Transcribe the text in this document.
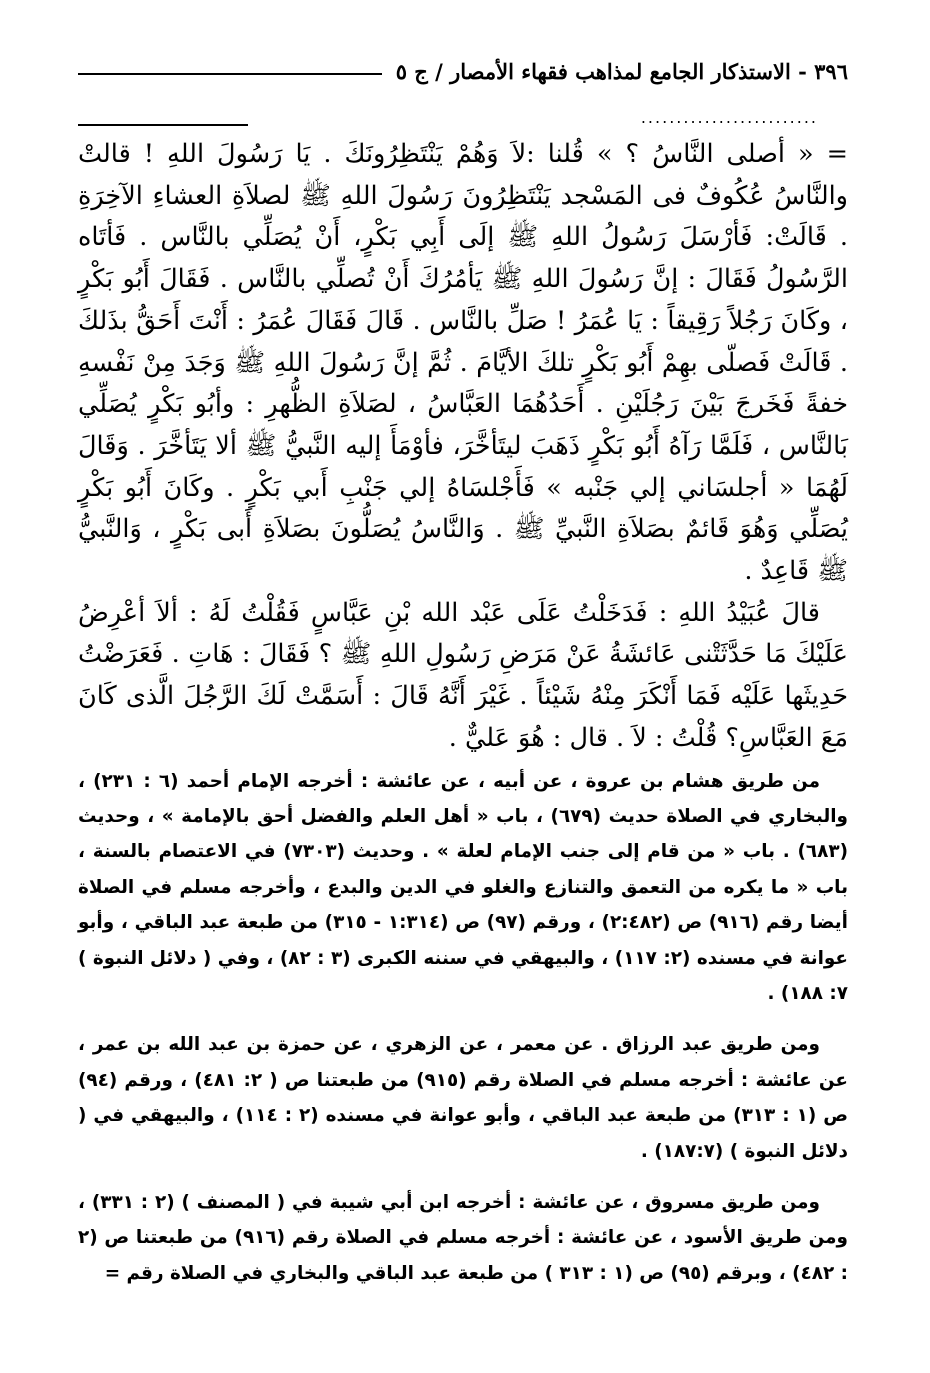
٣٩٦ - الاستذكار الجامع لمذاهب فقهاء الأمصار / ج ٥
.........................

= « أصلى النَّاسُ ؟ » قُلنا :لاَ وَهُمْ يَنْتَظِرُونَكَ . يَا رَسُولَ اللهِ ! قالتْ والنَّاسُ عُكُوفٌ فى المَسْجد يَنْتَظِرُونَ رَسُولَ اللهِ ﷺ لصلاَةِ العشاءِ الآخِرَةِ . قَالَتْ: فَأرْسَلَ رَسُولُ اللهِ ﷺ إلَى أَبِي بَكْرٍ، أَنْ يُصَلِّي بالنَّاس . فَأتَاه الرَّسُولُ فَقَالَ : إنَّ رَسُولَ اللهِ ﷺ يَأمُرُكَ أَنْ تُصلِّي بالنَّاس . فَقَالَ أَبُو بَكْرٍ ، وكَانَ رَجُلاً رَقِيقاً : يَا عُمَرُ ! صَلِّ بالنَّاس . قَالَ فَقَالَ عُمَرُ : أَنْتَ أَحَقُّ بذَلكَ . قَالَتْ فَصلّى بهِمْ أَبُو بَكْرٍ تلكَ الأيَّامَ . ثُمَّ إنَّ رَسُولَ اللهِ ﷺ وَجَدَ مِنْ نَفْسهِ خفةً فَخَرجَ بَيْنَ رَجُلَيْنِ . أَحَدُهُمَا العَبَّاسُ ، لصَلاَةِ الظُّهرِ : وأبُو بَكْرٍ يُصَلِّي بَالنَّاس ، فَلَمَّا رَآهُ أَبُو بَكْرٍ ذَهَبَ ليتَأخَّرَ، فأوْمَأَ إليه النَّبيُّ ﷺ ألا يَتَأخَّرَ . وَقَالَ لَهُمَا « أجلسَاني إلي جَنْبه » فَأَجْلسَاهُ إلي جَنْبِ أَبي بَكْرٍ . وكَانَ أَبُو بَكْرٍ يُصَلِّي وَهُوَ قَائمٌ بصَلاَةِ النَّبيِّ ﷺ . وَالنَّاسُ يُصَلُّونَ بصَلاَةِ أَبى بَكْرٍ ، وَالنَّبيُّ ﷺ قَاعِدٌ .

قالَ عُبَيْدُ اللهِ : فَدَخَلْتُ عَلَى عَبْد الله بْنِ عَبَّاسٍ فَقُلْتُ لَهُ : ألاَ أعْرِضُ عَلَيْكَ مَا حَدَّثَتْنى عَائشَةُ عَنْ مَرَضِ رَسُولِ اللهِ ﷺ ؟ فَقَالَ : هَاتِ . فَعَرَضْتُ حَدِيثَها عَلَيْه فَمَا أَنْكَرَ مِنْهُ شَيْئاً . غَيْرَ أَنَّهُ قَالَ : أَسَمَّتْ لَكَ الرَّجُلَ الَّذى كَانَ مَعَ العَبَّاسِ؟ قُلْتُ : لاَ . قال : هُوَ عَليٌّ .

من طريق هشام بن عروة ، عن أبيه ، عن عائشة : أخرجه الإمام أحمد (٦ : ٢٣١) ، والبخاري في الصلاة حديث (٦٧٩) ، باب « أهل العلم والفضل أحق بالإمامة » ، وحديث (٦٨٣) . باب « من قام إلى جنب الإمام لعلة » . وحديث (٧٣٠٣) في الاعتصام بالسنة ، باب « ما يكره من التعمق والتنازع والغلو في الدين والبدع ، وأخرجه مسلم في الصلاة أيضا رقم (٩١٦) ص (٢:٤٨٢) ، ورقم (٩٧) ص (١:٣١٤ - ٣١٥) من طبعة عبد الباقي ، وأبو عوانة في مسنده (٢: ١١٧) ، والبيهقي في سننه الكبرى (٣ : ٨٢) ، وفي ( دلائل النبوة ) ٧: ١٨٨) .

ومن طريق عبد الرزاق . عن معمر ، عن الزهري ، عن حمزة بن عبد الله بن عمر ، عن عائشة : أخرجه مسلم في الصلاة رقم (٩١٥) من طبعتنا ص ( ٢: ٤٨١) ، ورقم (٩٤) ص (١ : ٣١٣) من طبعة عبد الباقي ، وأبو عوانة في مسنده (٢ : ١١٤) ، والبيهقي في ( دلائل النبوة ) (١٨٧:٧) .

ومن طريق مسروق ، عن عائشة : أخرجه ابن أبي شيبة في ( المصنف ) (٢ : ٣٣١) ، ومن طريق الأسود ، عن عائشة : أخرجه مسلم في الصلاة رقم (٩١٦) من طبعتنا ص (٢ : ٤٨٢) ، وبرقم (٩٥) ص (١ : ٣١٣ ) من طبعة عبد الباقي والبخاري في الصلاة رقم =
